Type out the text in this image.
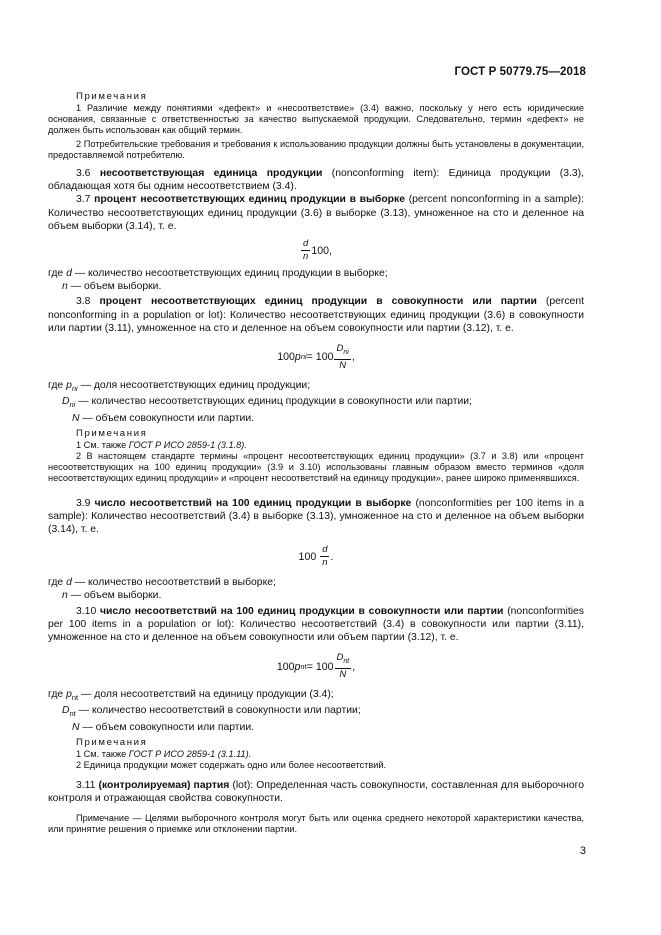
ГОСТ Р 50779.75—2018

Примечания

1 Различие между понятиями «дефект» и «несоответствие» (3.4) важно, поскольку у него есть юридические основания, связанные с ответственностью за качество выпускаемой продукции. Следовательно, термин «дефект» не должен быть использован как общий термин.

2 Потребительские требования и требования к использованию продукции должны быть установлены в документации, предоставляемой потребителю.

3.6 несоответствующая единица продукции (nonconforming item): Единица продукции (3.3), обладающая хотя бы одним несоответствием (3.4).

3.7 процент несоответствующих единиц продукции в выборке (percent nonconforming in a sample): Количество несоответствующих единиц продукции (3.6) в выборке (3.13), умноженное на сто и деленное на объем выборки (3.14), т. е.

$\frac{d}{n} 100$,

где d — количество несоответствующих единиц продукции в выборке;

n — объем выборки.

3.8 процент несоответствующих единиц продукции в совокупности или партии (percent nonconforming in a population or lot): Количество несоответствующих единиц продукции (3.6) в совокупности или партии (3.11), умноженное на сто и деленное на объем совокупности или партии (3.12), т. е.

100 p ni = $100 \frac{D_{ni}}{N}$ ,

где $p_{ni}$ — доля несоответствующих единиц продукции;

$D_{ni}$ — количество несоответствующих единиц продукции в совокупности или партии;

N — объем совокупности или партии.

Примечания

1 См. также ГОСТ Р ИСО 2859-1 (3.1.8).

2 В настоящем стандарте термины «процент несоответствующих единиц продукции» (3.7 и 3.8) или «процент несоответствующих на 100 единиц продукции» (3.9 и 3.10) использованы главным образом вместо терминов «доля несоответствующих единиц продукции» и «процент несоответствий на единицу продукции», ранее широко применявшихся.

3.9 число несоответствий на 100 единиц продукции в выборке (nonconformities per 100 items in a sample): Количество несоответствий (3.4) в выборке (3.13), умноженное на сто и деленное на объем выборки (3.14), т. е.

100
$\frac{d}{n}$ .

где d — количество несоответствий в выборке;

n — объем выборки.

3.10 число несоответствий на 100 единиц продукции в совокупности или партии (nonconformities per 100 items in a population or lot): Количество несоответствий (3.4) в совокупности или партии (3.11), умноженное на сто и деленное на объем совокупности или объем партии (3.12), т. е.

100 p nt = $100 \frac{D_{nt}}{N}$ ,

где $p_{nt}$ — доля несоответствий на единицу продукции (3.4);

$D_{nt}$ — количество несоответствий в совокупности или партии;

N — объем совокупности или партии.

Примечания

1 См. также ГОСТ Р ИСО 2859-1 (3.1.11).

2 Единица продукции может содержать одно или более несоответствий.

3.11 (контролируемая) партия (lot): Определенная часть совокупности, составленная для выборочного контроля и отражающая свойства совокупности.

Примечание — Целями выборочного контроля могут быть или оценка среднего некоторой характеристики качества, или принятие решения о приемке или отклонении партии.

3
